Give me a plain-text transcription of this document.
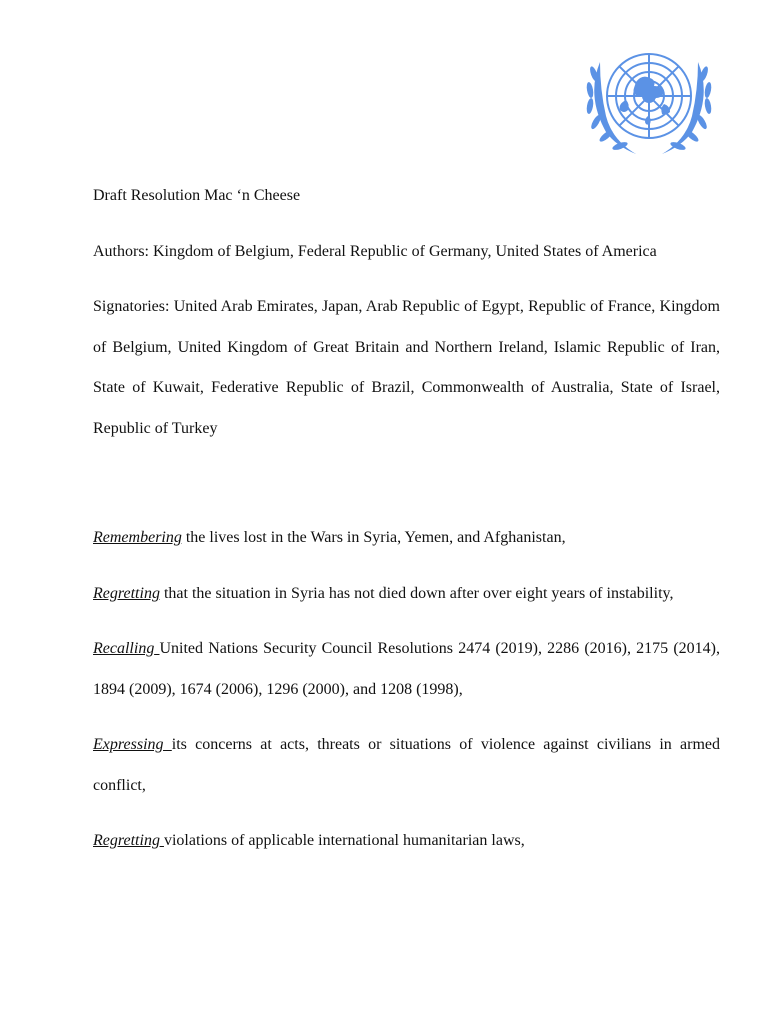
Draft Resolution Mac ‘n Cheese

Authors: Kingdom of Belgium, Federal Republic of Germany, United States of America

Signatories: United Arab Emirates, Japan, Arab Republic of Egypt, Republic of France, Kingdom of Belgium, United Kingdom of Great Britain and Northern Ireland, Islamic Republic of Iran, State of Kuwait, Federative Republic of Brazil, Commonwealth of Australia, State of Israel, Republic of Turkey

Remembering the lives lost in the Wars in Syria, Yemen, and Afghanistan,

Regretting that the situation in Syria has not died down after over eight years of instability,

Recalling United Nations Security Council Resolutions 2474 (2019), 2286 (2016), 2175 (2014), 1894 (2009), 1674 (2006), 1296 (2000), and 1208 (1998),

Expressing its concerns at acts, threats or situations of violence against civilians in armed conflict,

Regretting violations of applicable international humanitarian laws,
